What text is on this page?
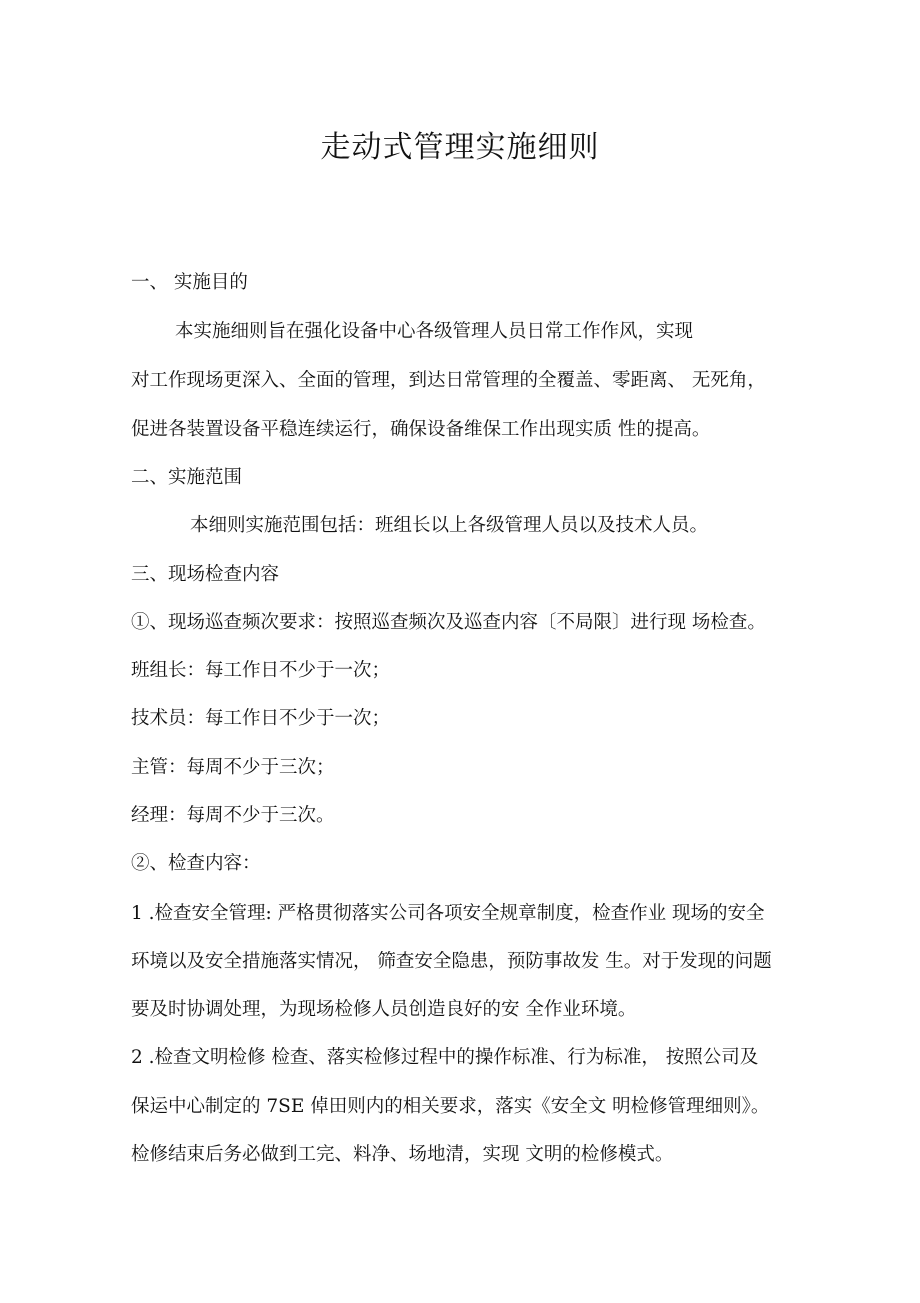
走动式管理实施细则
一、 实施目的
本实施细则旨在强化设备中心各级管理人员日常工作作风，实现
对工作现场更深入、全面的管理，到达日常管理的全覆盖、零距离、 无死角，
促进各装置设备平稳连续运行，确保设备维保工作出现实质 性的提高。
二、实施范围
本细则实施范围包括：班组长以上各级管理人员以及技术人员。
三、现场检查内容
①、现场巡查频次要求：按照巡查频次及巡查内容〔不局限〕进行现 场检查。
班组长：每工作日不少于一次；
技术员：每工作日不少于一次；
主管：每周不少于三次；
经理：每周不少于三次。
②、检查内容：
1 .检查安全管理: 严格贯彻落实公司各项安全规章制度，检查作业 现场的安全
环境以及安全措施落实情况， 筛查安全隐患，预防事故发 生。对于发现的问题
要及时协调处理，为现场检修人员创造良好的安 全作业环境。
2 .检查文明检修 检查、落实检修过程中的操作标准、行为标准， 按照公司及
保运中心制定的 7SE 倬田则内的相关要求，落实《安全文 明检修管理细则》。
检修结束后务必做到工完、料净、场地清，实现 文明的检修模式。
